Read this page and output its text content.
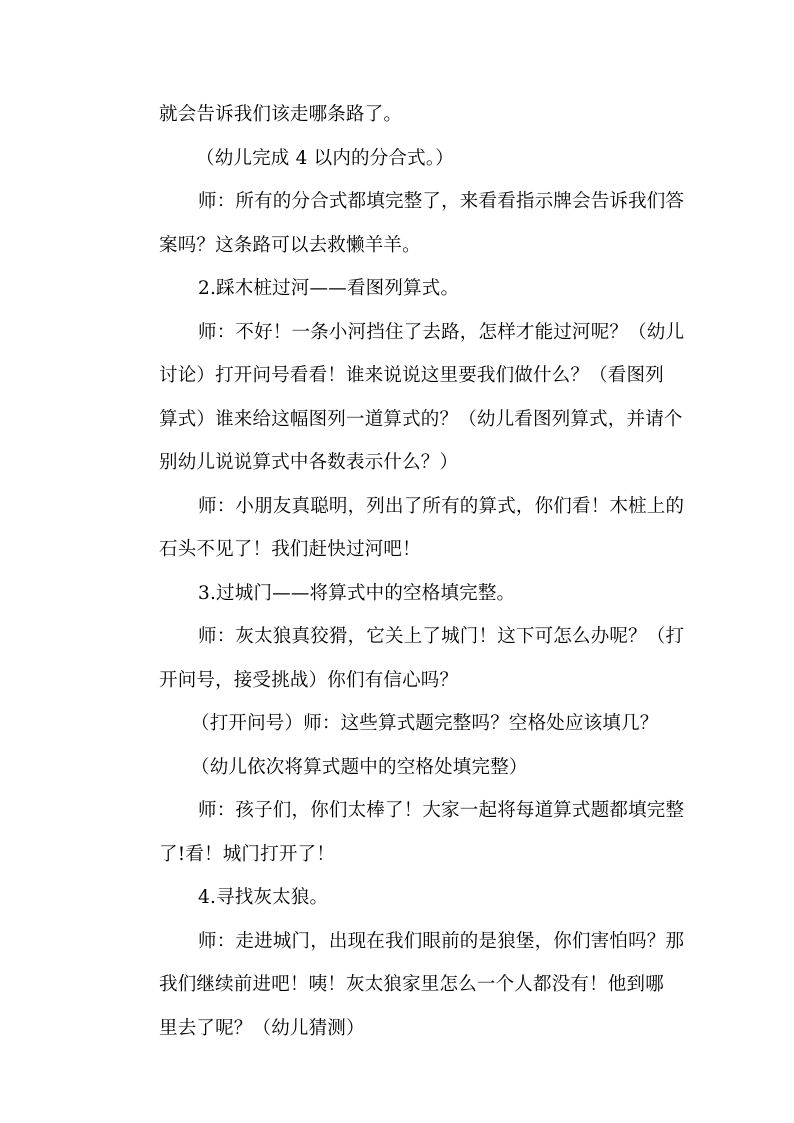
就会告诉我们该走哪条路了。
（幼儿完成 4 以内的分合式。）
师：所有的分合式都填完整了，来看看指示牌会告诉我们答
案吗？这条路可以去救懒羊羊。
2.踩木桩过河——看图列算式。
师：不好！一条小河挡住了去路，怎样才能过河呢？（幼儿
讨论）打开问号看看！谁来说说这里要我们做什么？（看图列
算式）谁来给这幅图列一道算式的？（幼儿看图列算式，并请个
别幼儿说说算式中各数表示什么？）
师：小朋友真聪明，列出了所有的算式，你们看！木桩上的
石头不见了！我们赶快过河吧！
3.过城门——将算式中的空格填完整。
师：灰太狼真狡猾，它关上了城门！这下可怎么办呢？（打
开问号，接受挑战）你们有信心吗？
（打开问号）师：这些算式题完整吗？空格处应该填几？
（幼儿依次将算式题中的空格处填完整）
师：孩子们，你们太棒了！大家一起将每道算式题都填完整
了!看！城门打开了！
4.寻找灰太狼。
师：走进城门，出现在我们眼前的是狼堡，你们害怕吗？那
我们继续前进吧！咦！灰太狼家里怎么一个人都没有！他到哪
里去了呢？（幼儿猜测）
